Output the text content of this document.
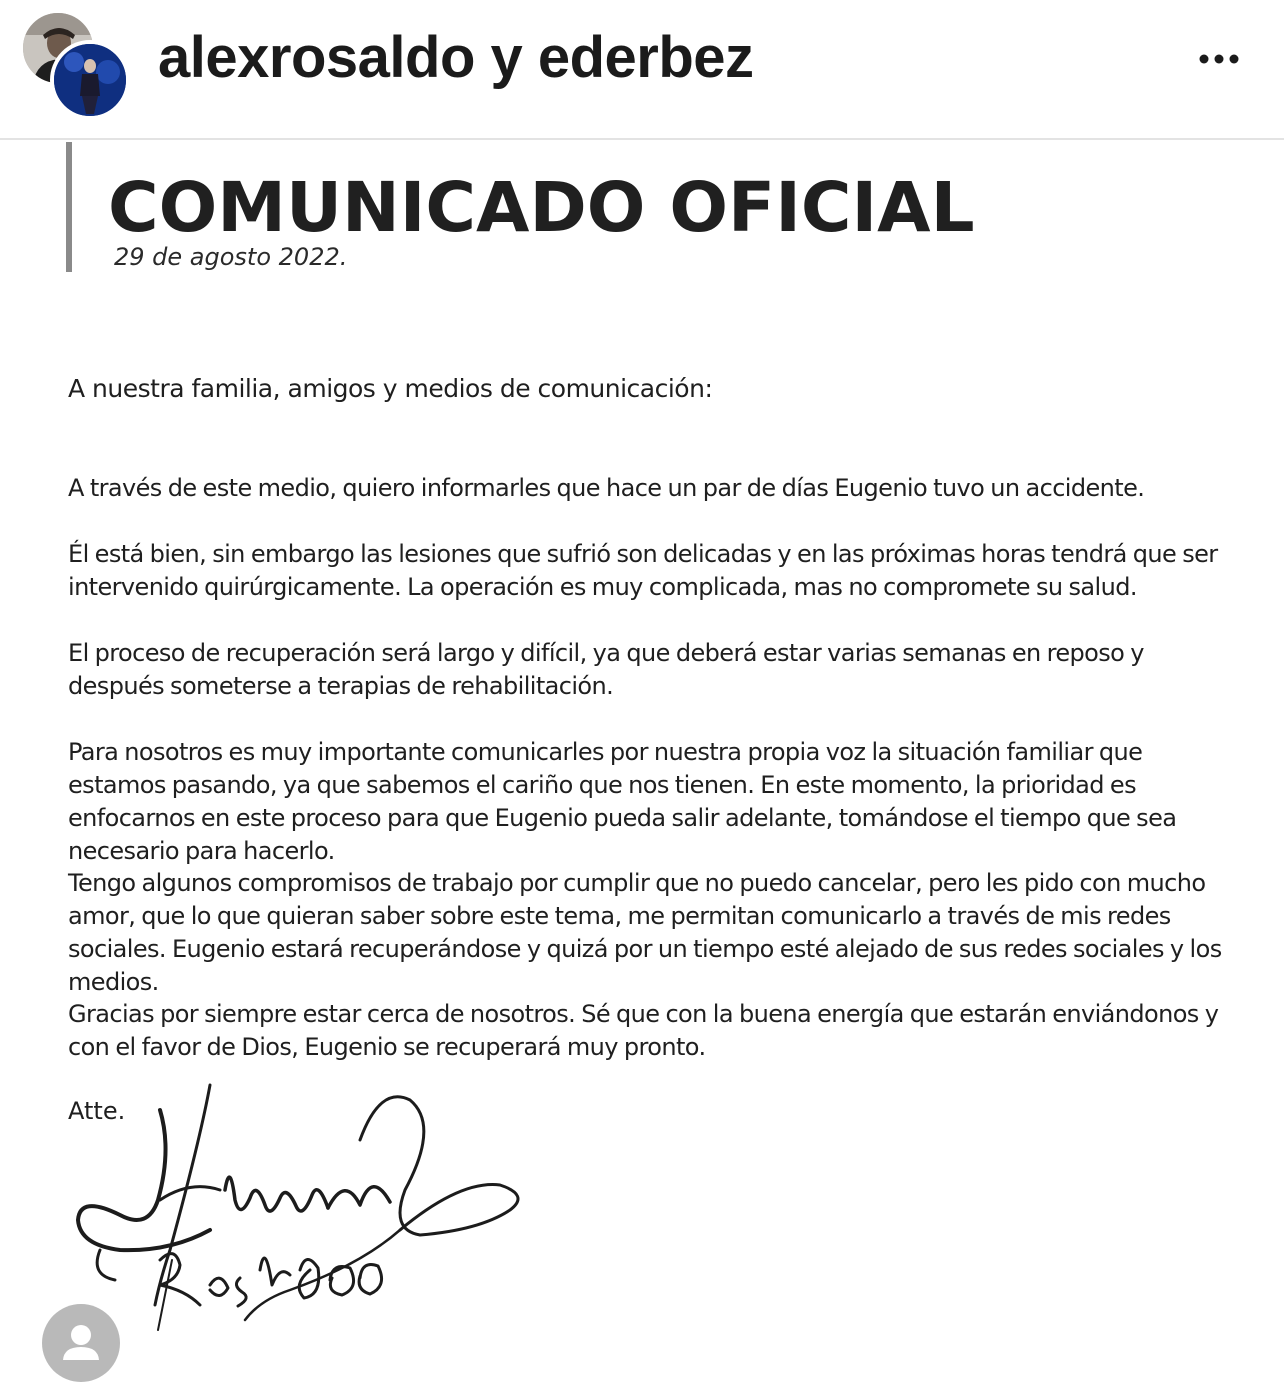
alexrosaldo y ederbez
COMUNICADO OFICIAL
29 de agosto 2022.
A nuestra familia, amigos y medios de comunicación:
A través de este medio, quiero informarles que hace un par de días Eugenio tuvo un accidente.
Él está bien, sin embargo las lesiones que sufrió son delicadas y en las próximas horas tendrá que ser intervenido quirúrgicamente. La operación es muy complicada, mas no compromete su salud.
El proceso de recuperación será largo y difícil, ya que deberá estar varias semanas en reposo y después someterse a terapias de rehabilitación.
Para nosotros es muy importante comunicarles por nuestra propia voz la situación familiar que estamos pasando, ya que sabemos el cariño que nos tienen. En este momento, la prioridad es enfocarnos en este proceso para que Eugenio pueda salir adelante, tomándose el tiempo que sea necesario para hacerlo.
Tengo algunos compromisos de trabajo por cumplir que no puedo cancelar, pero les pido con mucho amor, que lo que quieran saber sobre este tema, me permitan comunicarlo a través de mis redes sociales. Eugenio estará recuperándose y quizá por un tiempo esté alejado de sus redes sociales y los medios.
Gracias por siempre estar cerca de nosotros. Sé que con la buena energía que estarán enviándonos y con el favor de Dios, Eugenio se recuperará muy pronto.
Atte.
